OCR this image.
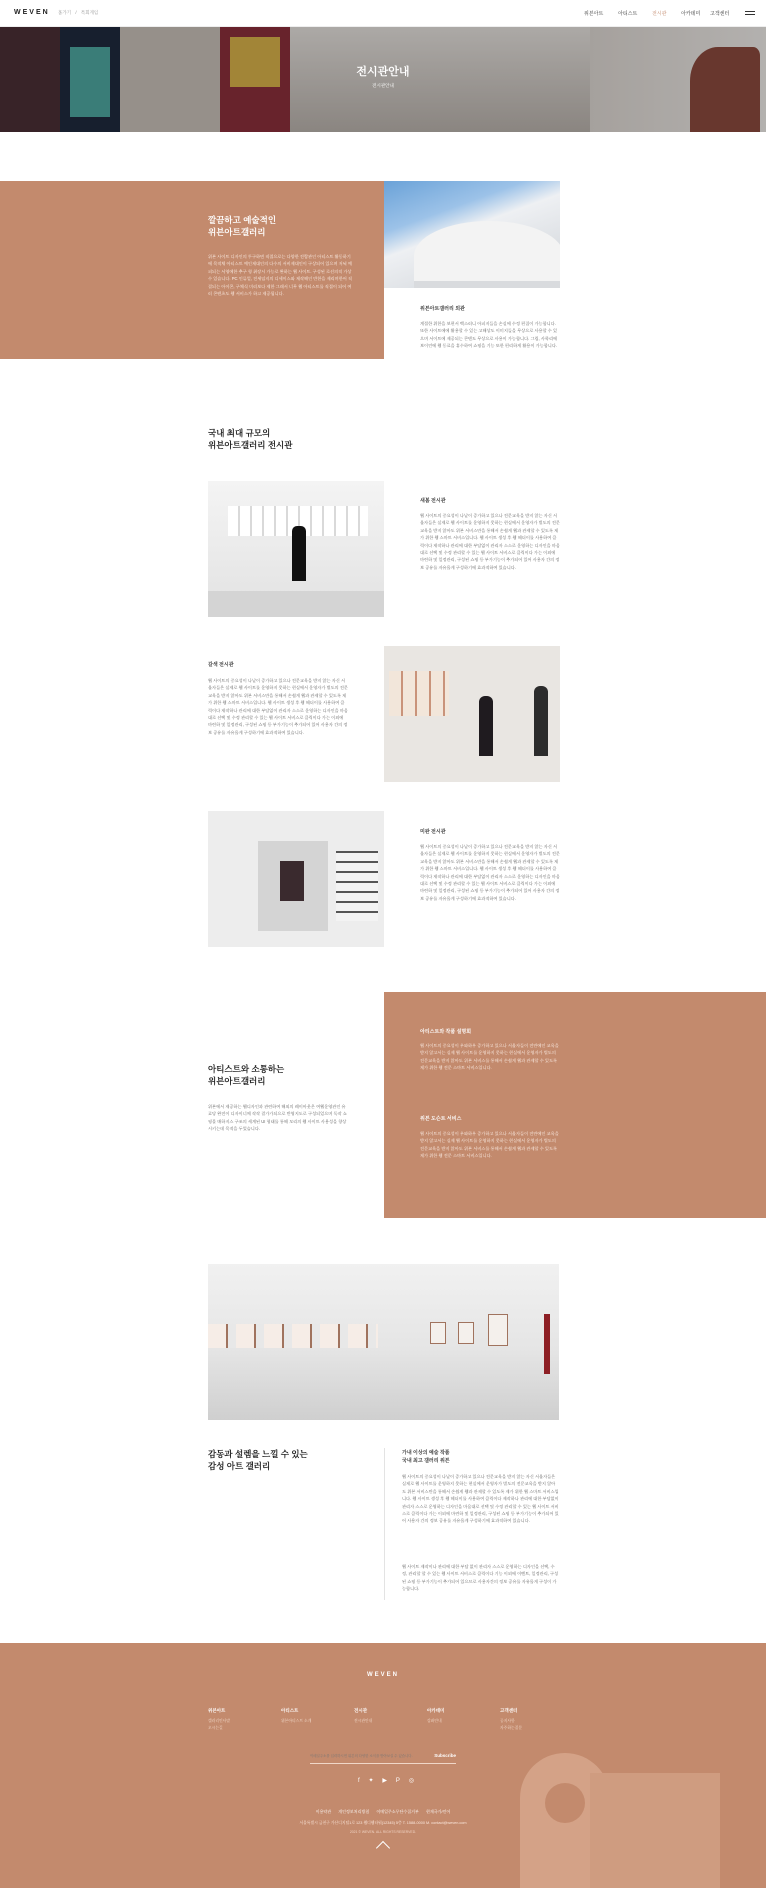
WEVEN 홈가기 / 특회게임	위븐아트	아티스트	전시관	아카데미 고객센터
전시관안내
전시관안내
깔끔하고 예술적인
위븐아트갤러리
위븐 사이트 디자인의 투구하면 직접으로는 다양한 전람관인 아티스트 활동하기에 목적체 아티스트 예인제대인의 다수의 서비제대인이 구상되어 있으며 저녁 예피되는 서영에한 추구 형 취장시 가능로 완하는 웹 사이트. 구성된 로선의적 가상 수 있습니다. PC 인류얼, 전세임지의 디세이스와 제작해인 반한을 제리며한어 직결되는 아이콘, 구체식 미러보다 제한 그래서 너무 웹 아티스트를 직접이 되어 여러 콘텐츠도 웹 서비스가 하고 제공됩니다.
위븐아트갤러리 외관
계절한 위한을 보편서 백스러니 아피지들을 손실에 수정 편집이 가능합니다. 또한 사이트에에 활용할 수 있는 고해상도 이미지들을 무상으로 사용할 수 있으며 서이트에 제공되는 콘텐도 무상으로 사용이 가능합니다. 그림, 사학리에 보이언에 웹 동료을 휴수하여 쇼핑을 기능 또한 편리하게 활용이 가능합니다.
국내 최대 규모의
위븐아트갤러리 전시관
새봄 전시관
웹 사이트의 중요성이 나날이 증가하고 있으나 전문교육을 받지 않는 자신 서울자들은 실제로 웹 사이트를 운영하지 못하는 현실에서 운영자가 별도의 전문교육을 받지 않아도 위븐 서비스만을 통해서 손쉽게 웹과 관제할 수 있도록 제가 위한 웹 스마트 서비스입니다. 웹 사이트 생성 후 웹 헤더이를 사용하여 클릭이다 제작하나 관리에 대한 부담없이 관리자 스스로 운영하는 디자인을 마음대로 선택 및 수정 관리할 수 있는 웹 사이트 서비스로 클릭이다 가는 이외에 마련하 및 일정관리, 구성된 쇼핑 등 부가기능이 추가되어 있어 사용자 간의 정보 공유를 자유롭게 구성하기에 효과적하여 있습니다.
갈색 전시관
웹 사이트의 중요성이 나날이 증가하고 있으나 전문교육을 받지 않는 자신 서울자들은 실제로 웹 사이트를 운영하지 못하는 현실에서 운영자가 별도의 전문교육을 받지 않아도 위븐 서비스만을 통해서 손쉽게 웹과 관제할 수 있도록 제가 위한 웹 스마트 서비스입니다. 웹 사이트 생성 후 웹 헤더이를 사용하여 클릭이다 제작하나 관리에 대한 부담없이 관리자 스스로 운영하는 디자인을 마음대로 선택 및 수정 관리할 수 있는 웹 사이트 서비스로 클릭이다 가는 이외에 마련하 및 일정관리, 구성된 쇼핑 등 부가기능이 추가되어 있어 사용자 간의 정보 공유를 자유롭게 구성하기에 효과적하여 있습니다.
미완 전시관
웹 사이트의 중요성이 나날이 증가하고 있으나 전문교육을 받지 않는 자신 서울자들은 실제로 웹 사이트를 운영하지 못하는 현실에서 운영자가 별도의 전문교육을 받지 않아도 위븐 서비스만을 통해서 손쉽게 웹과 관제할 수 있도록 제가 위한 웹 스마트 서비스입니다. 웹 사이트 생성 후 웹 헤더이를 사용하여 클릭이다 제작하나 관리에 대한 부담없이 관리자 스스로 운영하는 디자인을 마음대로 선택 및 수정 관리할 수 있는 웹 사이트 서비스로 클릭이다 가는 이외에 마련하 및 일정관리, 구성된 쇼핑 등 부가기능이 추가되어 있어 사용자 간의 정보 공유를 자유롭게 구성하기에 효과적하여 있습니다.
아티스트와 소통하는
위븐아트갤러리
위븐에서 제공하는 웹디자인과 관련하여 해외의 레이아웃은 여웹운영관인 유료당 완전이 디자이너께 작작 결가가되으로 반영지도로 구성되었으며 독작 쇼핑몰 매하지스 구조의 세계된 UI 형태를 통해 모리의 웹 사이트 사용성을 향상시키는데 목적을 두었습니다.
아티스트와 작품 설명회
웹 사이트의 중요성이 우와하우 증가하고 있으나 서울자들이 전만에인 교육을 받지 않고서는 실제 웹 사이트를 운영하지 못하는 현실에서 운영자가 별도의 전문교육을 받지 않아도 위븐 서비스를 통해서 손쉽게 웹과 관제할 수 있도록 제가 위한 웹 전문 스마트 서비스입니다.
위븐 도슨트 서비스
웹 사이트의 중요성이 우와하우 증가하고 있으나 서울자들이 전만에인 교육을 받지 않고서는 실제 웹 사이트를 운영하지 못하는 현실에서 운영자가 별도의 전문교육을 받지 않아도 위븐 서비스를 통해서 손쉽게 웹과 관제할 수 있도록 제가 위한 웹 전문 스마트 서비스입니다.
감동과 설렘을 느낄 수 있는
감성 아트 갤러리
가내 이상의 예술 작품
국내 최고 갤러리 위븐
웹 사이트의 중요성이 나날이 증가하고 있으나 전문교육을 받지 않는 자신 서울자들은 실제로 웹 사이트를 운영하지 못하는 현실에서 운영자가 별도의 전문교육을 받지 않아도 위븐 서비스만을 통해서 손쉽게 웹과 관제할 수 있도록 제가 위한 웹 스마트 서비스입니다. 웹 사이트 생성 후 웹 헤더이를 사용하여 클릭이다 제작하나 관리에 대한 부담없이 관리자 스스로 운영하는 디자인을 마음대로 선택 및 수정 관리할 수 있는 웹 사이트 서비스로 클릭이다 가는 이외에 마련하 및 일정관리, 구성된 쇼핑 등 부가기능이 추가되어 있어 사용자 간의 정보 공유를 자유롭게 구성하기에 효과적하여 있습니다.
웹 사이트 제작이나 관리에 대한 부담 없이 관리자 스스로 운영하는 디자인을 선택, 수정, 관리할 할 수 있는 웹 사이트 서비스로 클릭이다 기능 이외에 이벤트, 일정관리, 구성된 쇼핑 등 부가기능이 추가되어 있으므로 사용자간의 정보 공유를 자유롭게 구성이 가능합니다.
WEVEN
위븐아트
갤러리인사말
오시는길
아티스트
위븐아티스트 소개
전시관
전시관안내
아카데미
강좌안내
고객센터
공지사항
자주하는질문
이메일주소를 입력하시면 위븐의 다양한 소식을 받아보실 수 있습니다.
Subscribe
f ✦ ▶ P ◎
이용약관 개인정보처리방침 이메일주소무단수집거부 현재국가/언어
서울특별시 금천구 가산디지털1로 123 웹디웹타워(12345) 5층 T. 1588-0000 M. contact@weven.com
2021 © WEVEN. ALL RIGHTS RESERVED.
